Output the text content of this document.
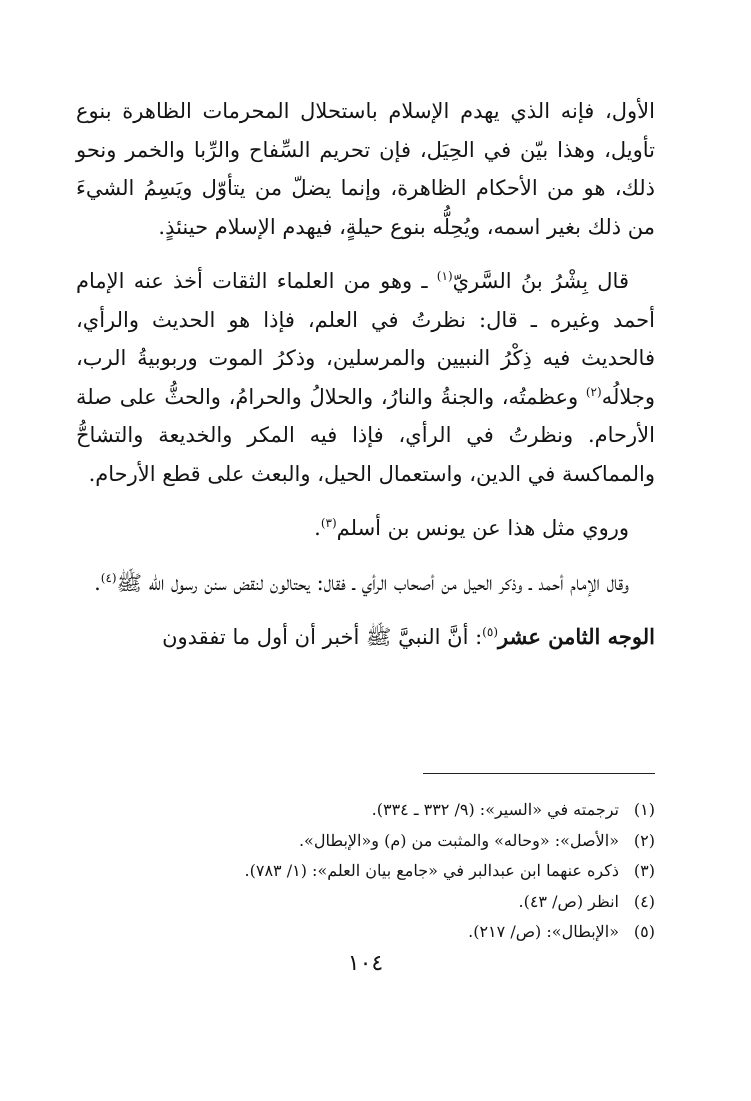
الأول، فإنه الذي يهدم الإسلام باستحلال المحرمات الظاهرة بنوع تأويل، وهذا بيّن في الحِيَل، فإن تحريم السِّفاح والرِّبا والخمر ونحو ذلك، هو من الأحكام الظاهرة، وإنما يضلّ من يتأوّل ويَسِمُ الشيءَ من ذلك بغير اسمه، ويُحِلُّه بنوع حيلةٍ، فيهدم الإسلام حينئذٍ.

قال بِشْرُ بنُ السَّريّ$^{(١)}$ ـ وهو من العلماء الثقات أخذ عنه الإمام أحمد وغيره ـ قال: نظرتُ في العلم، فإذا هو الحديث والرأي، فالحديث فيه ذِكْرُ النبيين والمرسلين، وذكرُ الموت وربوبيةُ الرب، وجلالُه$^{(٢)}$ وعظمتُه، والجنةُ والنارُ، والحلالُ والحرامُ، والحثُّ على صلة الأرحام. ونظرتُ في الرأي، فإذا فيه المكر والخديعة والتشاحُّ والمماكسة في الدين، واستعمال الحيل، والبعث على قطع الأرحام.

وروي مثل هذا عن يونس بن أسلم$^{(٣)}$.

وقال الإمام أحمد ـ وذكر الحيل من أصحاب الرأي ـ فقال: يحتالون لنقض سنن رسول الله ﷺ$^{(٤)}$.

الوجه الثامن عشر$^{(٥)}$: أنَّ النبيَّ ﷺ أخبر أن أول ما تفقدون

(١)
ترجمته في «السير»: (٩/ ٣٣٢ ـ ٣٣٤).
(٢)
«الأصل»: «وحاله» والمثبت من (م) و«الإبطال».
(٣)
ذكره عنهما ابن عبدالبر في «جامع بيان العلم»: (١/ ٧٨٣).
(٤)
انظر (ص/ ٤٣).
(٥)
«الإبطال»: (ص/ ٢١٧).
١٠٤
